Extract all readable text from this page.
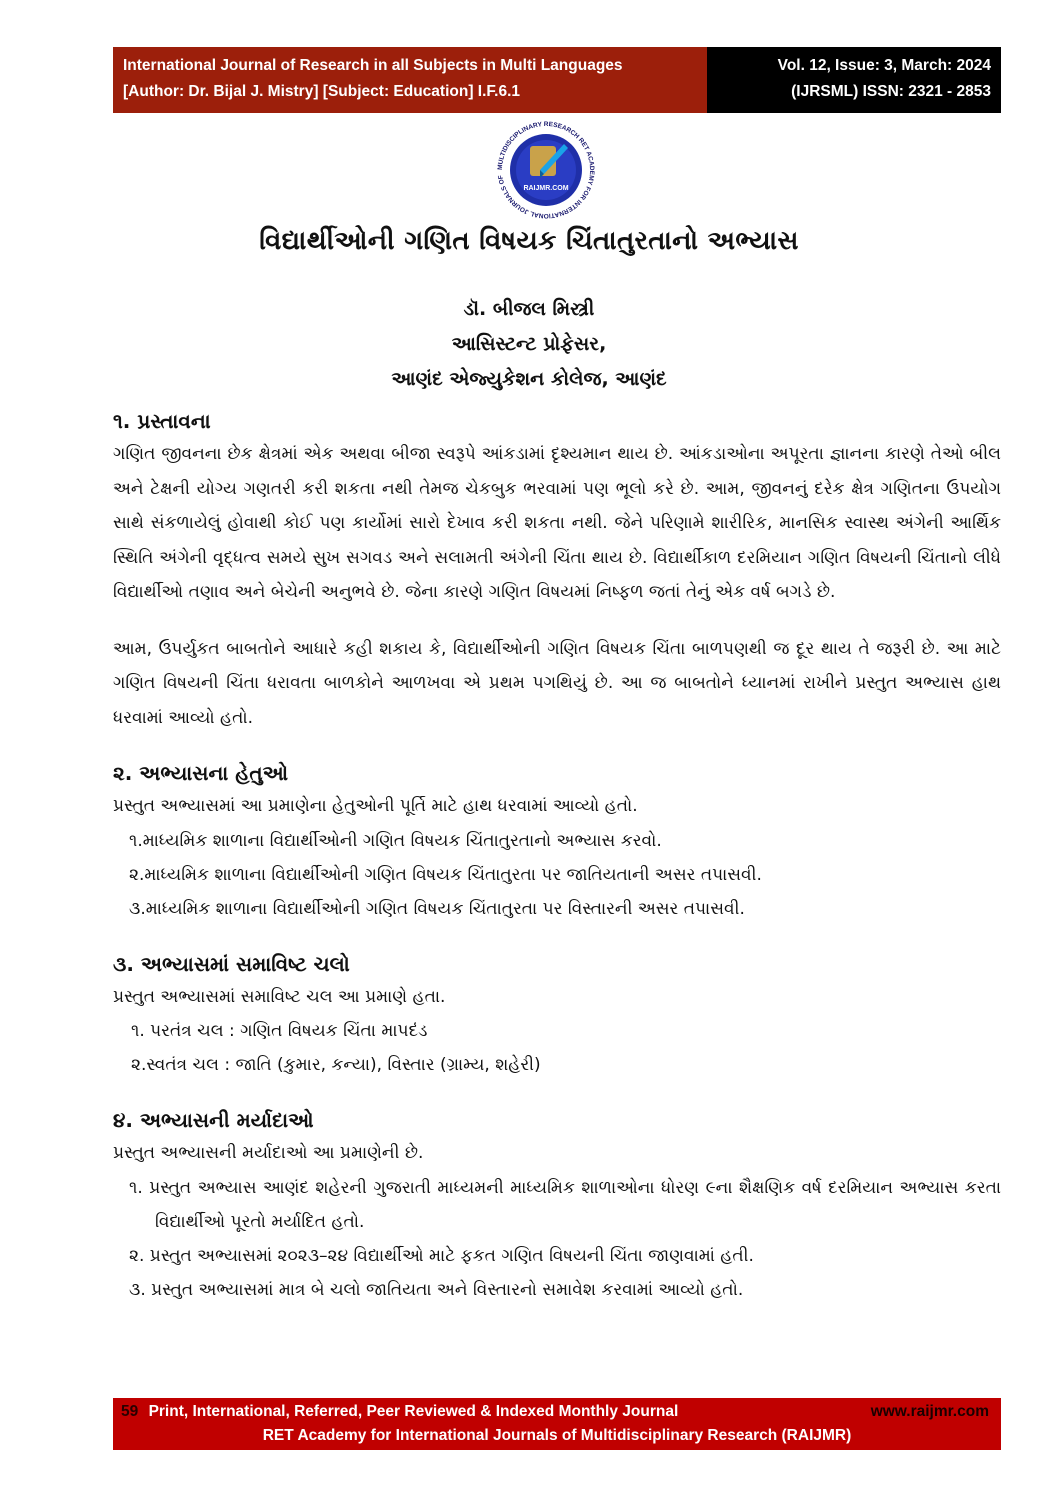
International Journal of Research in all Subjects in Multi Languages
[Author: Dr. Bijal J. Mistry] [Subject: Education] I.F.6.1
Vol. 12, Issue: 3, March: 2024
(IJRSML) ISSN: 2321 - 2853
RAIJMR.COM
MULTIDISCIPLINARY RESEARCH RET ACADEMY FOR INTERNATIONAL JOURNALS OF
વિદ્યાર્થીઓની ગણિત વિષયક ચિંતાતુરતાનો અભ્યાસ
ડૉ. બીજલ મિસ્ત્રી
આસિસ્ટન્ટ પ્રોફેસર,
આણંદ એજ્યુકેશન કોલેજ, આણંદ
૧. પ્રસ્તાવના

ગણિત જીવનના છેક ક્ષેત્રમાં એક અથવા બીજા સ્વરૂપે આંકડામાં દૃશ્યમાન થાય છે. આંકડાઓના અપૂરતા જ્ઞાનના કારણે તેઓ બીલ અને ટેક્ષની યોગ્ય ગણતરી કરી શકતા નથી તેમજ ચેકબુક ભરવામાં પણ ભૂલો કરે છે. આમ, જીવનનું દરેક ક્ષેત્ર ગણિતના ઉપયોગ સાથે સંકળાયેલું હોવાથી કોઈ પણ કાર્યોમાં સારો દેખાવ કરી શકતા નથી. જેને પરિણામે શારીરિક, માનસિક સ્વાસ્થ અંગેની આર્થિક સ્થિતિ અંગેની વૃદ્ધત્વ સમયે સુખ સગવડ અને સલામતી અંગેની ચિંતા થાય છે. વિદ્યાર્થીકાળ દરમિયાન ગણિત વિષયની ચિંતાનો લીધે વિદ્યાર્થીઓ તણાવ અને બેચેની અનુભવે છે. જેના કારણે ગણિત વિષયમાં નિષ્ફળ જતાં તેનું એક વર્ષ બગડે છે.

આમ, ઉપર્યુકત બાબતોને આધારે કહી શકાય કે, વિદ્યાર્થીઓની ગણિત વિષયક ચિંતા બાળપણથી જ દૂર થાય તે જરૂરી છે. આ માટે ગણિત વિષયની ચિંતા ધરાવતા બાળકોને આળખવા એ પ્રથમ પગથિયું છે. આ જ બાબતોને ધ્યાનમાં રાખીને પ્રસ્તુત અભ્યાસ હાથ ધરવામાં આવ્યો હતો.

૨. અભ્યાસના હેતુઓ

પ્રસ્તુત અભ્યાસમાં આ પ્રમાણેના હેતુઓની પૂર્તિ માટે હાથ ધરવામાં આવ્યો હતો.

૧.માધ્યમિક શાળાના વિદ્યાર્થીઓની ગણિત વિષયક ચિંતાતુરતાનો અભ્યાસ કરવો.
૨.માધ્યમિક શાળાના વિદ્યાર્થીઓની ગણિત વિષયક ચિંતાતુરતા પર જાતિયતાની અસર તપાસવી.
૩.માધ્યમિક શાળાના વિદ્યાર્થીઓની ગણિત વિષયક ચિંતાતુરતા પર વિસ્તારની અસર તપાસવી.
૩. અભ્યાસમાં સમાવિષ્ટ ચલો

પ્રસ્તુત અભ્યાસમાં સમાવિષ્ટ ચલ આ પ્રમાણે હતા.

૧. પરતંત્ર ચલ : ગણિત વિષયક ચિંતા માપદંડ
૨.સ્વતંત્ર ચલ : જાતિ (કુમાર, કન્યા), વિસ્તાર (ગ્રામ્ય, શહેરી)
૪. અભ્યાસની મર્યાદાઓ

પ્રસ્તુત અભ્યાસની મર્યાદાઓ આ પ્રમાણેની છે.

૧. પ્રસ્તુત અભ્યાસ આણંદ શહેરની ગુજરાતી માધ્યમની માધ્યમિક શાળાઓના ધોરણ ૯ના શૈક્ષણિક વર્ષ દરમિયાન અભ્યાસ કરતા વિદ્યાર્થીઓ પૂરતો મર્યાદિત હતો.
૨. પ્રસ્તુત અભ્યાસમાં ૨૦૨૩–૨૪ વિદ્યાર્થીઓ માટે ફકત ગણિત વિષયની ચિંતા જાણવામાં હતી.
૩. પ્રસ્તુત અભ્યાસમાં માત્ર બે ચલો જાતિયતા અને વિસ્તારનો સમાવેશ કરવામાં આવ્યો હતો.
59 Print, International, Referred, Peer Reviewed & Indexed Monthly Journal	www.raijmr.com
RET Academy for International Journals of Multidisciplinary Research (RAIJMR)
